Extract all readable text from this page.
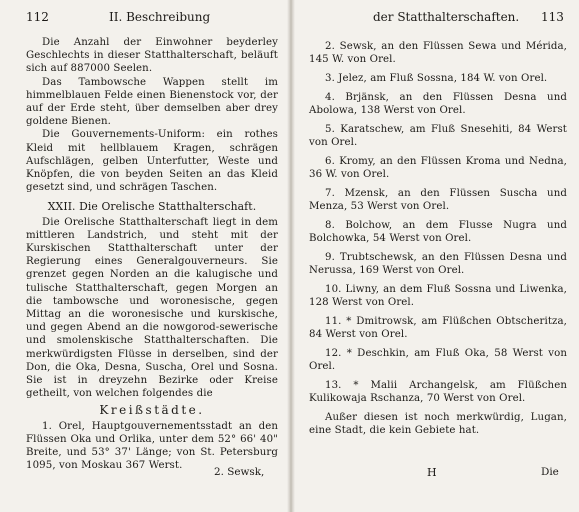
112	II. Beschreibung

Die Anzahl der Einwohner beyderley Geschlechts in dieser Statthalterschaft, beläuft sich auf 887000 Seelen.

Das Tambowsche Wappen stellt im himmelblauen Felde einen Bienenstock vor, der auf der Erde steht, über demselben aber drey goldene Bienen.

Die Gouvernements-Uniform: ein rothes Kleid mit hellblauem Kragen, schrägen Aufschlägen, gelben Unterfutter, Weste und Knöpfen, die von beyden Seiten an das Kleid gesetzt sind, und schrägen Taschen.

XXII. Die Orelische Statthalterschaft.

Die Orelische Statthalterschaft liegt in dem mittleren Landstrich, und steht mit der Kurskischen Statthalterschaft unter der Regierung eines Generalgouverneurs. Sie grenzet gegen Norden an die kalugische und tulische Statthalterschaft, gegen Morgen an die tambowsche und woronesische, gegen Mittag an die woronesische und kurskische, und gegen Abend an die nowgorod-sewerische und smolenskische Statthalterschaften. Die merkwürdigsten Flüsse in derselben, sind der Don, die Oka, Desna, Suscha, Orel und Sosna. Sie ist in dreyzehn Bezirke oder Kreise getheilt, von welchen folgendes die

Kreißstädte.

1. Orel, Hauptgouvernementsstadt an den Flüssen Oka und Orlika, unter dem 52° 66' 40" Breite, und 53° 37' Länge; von St. Petersburg 1095, von Moskau 367 Werst.

2. Sewsk,
der Statthalterschaften. 113

2. Sewsk, an den Flüssen Sewa und Mérida, 145 W. von Orel.

3. Jelez, am Fluß Sossna, 184 W. von Orel.

4. Brjänsk, an den Flüssen Desna und Abolowa, 138 Werst von Orel.

5. Karatschew, am Fluß Snesehiti, 84 Werst von Orel.

6. Kromy, an den Flüssen Kroma und Nedna, 36 W. von Orel.

7. Mzensk, an den Flüssen Suscha und Menza, 53 Werst von Orel.

8. Bolchow, an dem Flusse Nugra und Bolchowka, 54 Werst von Orel.

9. Trubtschewsk, an den Flüssen Desna und Nerussa, 169 Werst von Orel.

10. Liwny, an dem Fluß Sossna und Liwenka, 128 Werst von Orel.

11. * Dmitrowsk, am Flüßchen Obtscheritza, 84 Werst von Orel.

12. * Deschkin, am Fluß Oka, 58 Werst von Orel.

13. * Malii Archangelsk, am Flüßchen Kulikowaja Rschanza, 70 Werst von Orel.

Außer diesen ist noch merkwürdig, Lugan, eine Stadt, die kein Gebiete hat.

H	Die
